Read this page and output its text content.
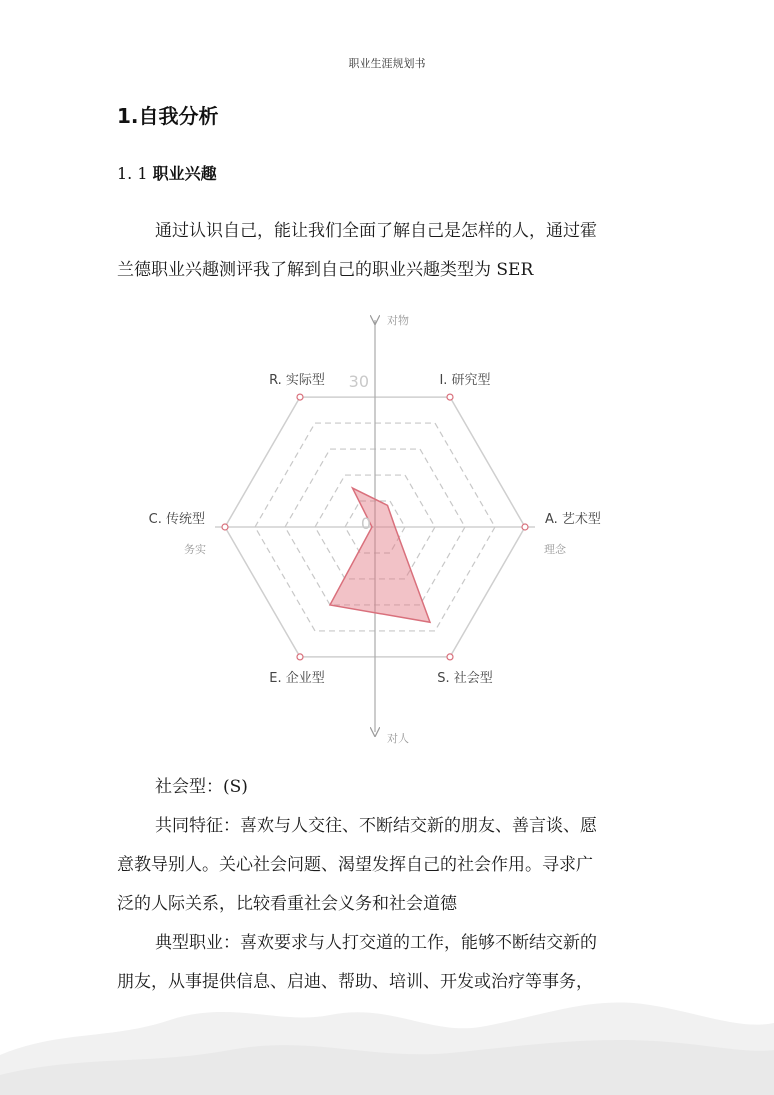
职业生涯规划书
1.自我分析
1. 1 职业兴趣
通过认识自己，能让我们全面了解自己是怎样的人，通过霍
兰德职业兴趣测评我了解到自己的职业兴趣类型为 SER
R. 实际型	I. 研究型
A. 艺术型
S. 社会型
E. 企业型
C. 传统型
30
0
对物
对人
务实	理念
社会型：(S)
共同特征：喜欢与人交往、不断结交新的朋友、善言谈、愿
意教导别人。关心社会问题、渴望发挥自己的社会作用。寻求广
泛的人际关系，比较看重社会义务和社会道德
典型职业：喜欢要求与人打交道的工作，能够不断结交新的
朋友，从事提供信息、启迪、帮助、培训、开发或治疗等事务，
